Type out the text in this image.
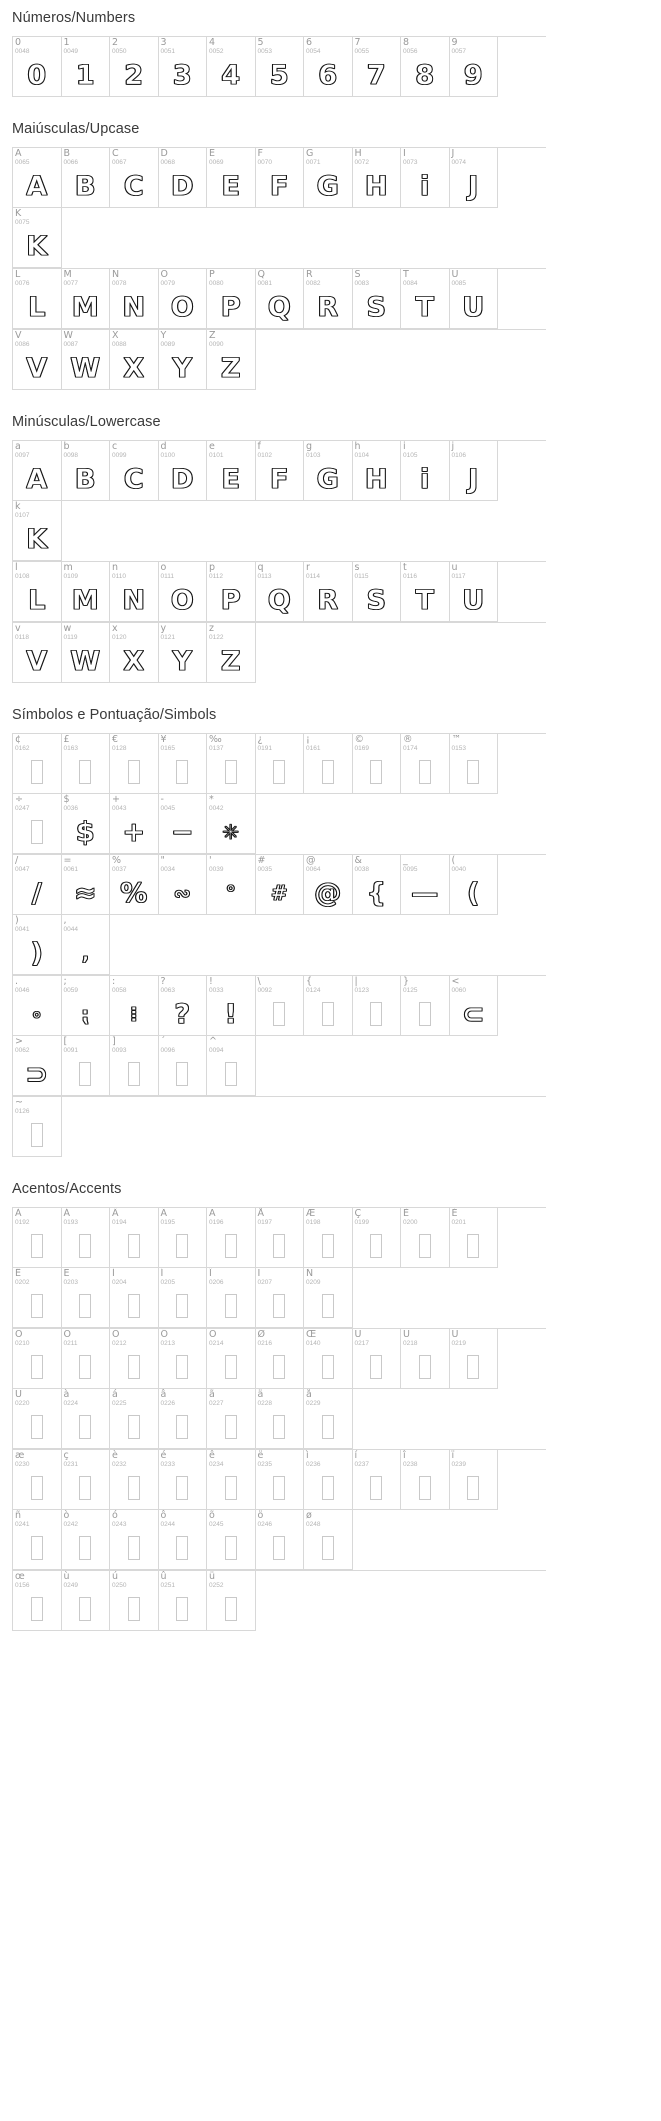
Números/Numbers
0
0048
0
1
0049
1
2
0050
2
3
0051
3
4
0052
4
5
0053
5
6
0054
6
7
0055
7
8
0056
8
9
0057
9
Maiúsculas/Upcase
A
0065
A
B
0066
B
C
0067
C
D
0068
D
E
0069
E
F
0070
F
G
0071
G
H
0072
H
I
0073
i
J
0074
J
K
0075
K
L
0076
L
M
0077
M
N
0078
N
O
0079
O
P
0080
P
Q
0081
Q
R
0082
R
S
0083
S
T
0084
T
U
0085
U
V
0086
V
W
0087
W
X
0088
X
Y
0089
Y
Z
0090
Z
Minúsculas/Lowercase
a
0097
A
b
0098
B
c
0099
C
d
0100
D
e
0101
E
f
0102
F
g
0103
G
h
0104
H
i
0105
i
j
0106
J
k
0107
K
l
0108
L
m
0109
M
n
0110
N
o
0111
O
p
0112
P
q
0113
Q
r
0114
R
s
0115
S
t
0116
T
u
0117
U
v
0118
V
w
0119
W
x
0120
X
y
0121
Y
z
0122
Z
Símbolos e Pontuação/Simbols
¢
0162
£
0163
€
0128
¥
0165
‰
0137
¿
0191
¡
0161
©
0169
®
0174
™
0153
÷
0247
$
0036
$
+
0043
+
-
0045
−
*
0042
✳
/
0047
/
=
0061
≈
%
0037
%
"
0034
∾
'
0039
°
#
0035
#
@
0064
@
&
0038
{
_
0095
—
(
0040
(
)
0041
)
,
0044
‚
.
0046
∘
;
0059
⁏
:
0058
⁞
?
0063
?
!
0033
!
\
0092
{
0124
|
0123
}
0125
<
0060
⊂
>
0062
⊃
[
0091
]
0093
´
0096
^
0094
~
0126
Acentos/Accents
À
0192
Á
0193
Â
0194
Ã
0195
Ä
0196
Å
0197
Æ
0198
Ç
0199
È
0200
É
0201
Ê
0202
Ë
0203
Ì
0204
Í
0205
Î
0206
Ï
0207
Ñ
0209
Ò
0210
Ó
0211
Ô
0212
Õ
0213
Ö
0214
Ø
0216
Œ
0140
Ù
0217
Ú
0218
Û
0219
Ü
0220
à
0224
á
0225
â
0226
ã
0227
ä
0228
å
0229
æ
0230
ç
0231
è
0232
é
0233
ê
0234
ë
0235
ì
0236
í
0237
î
0238
ï
0239
ñ
0241
ò
0242
ó
0243
ô
0244
õ
0245
ö
0246
ø
0248
œ
0156
ù
0249
ú
0250
û
0251
ü
0252
